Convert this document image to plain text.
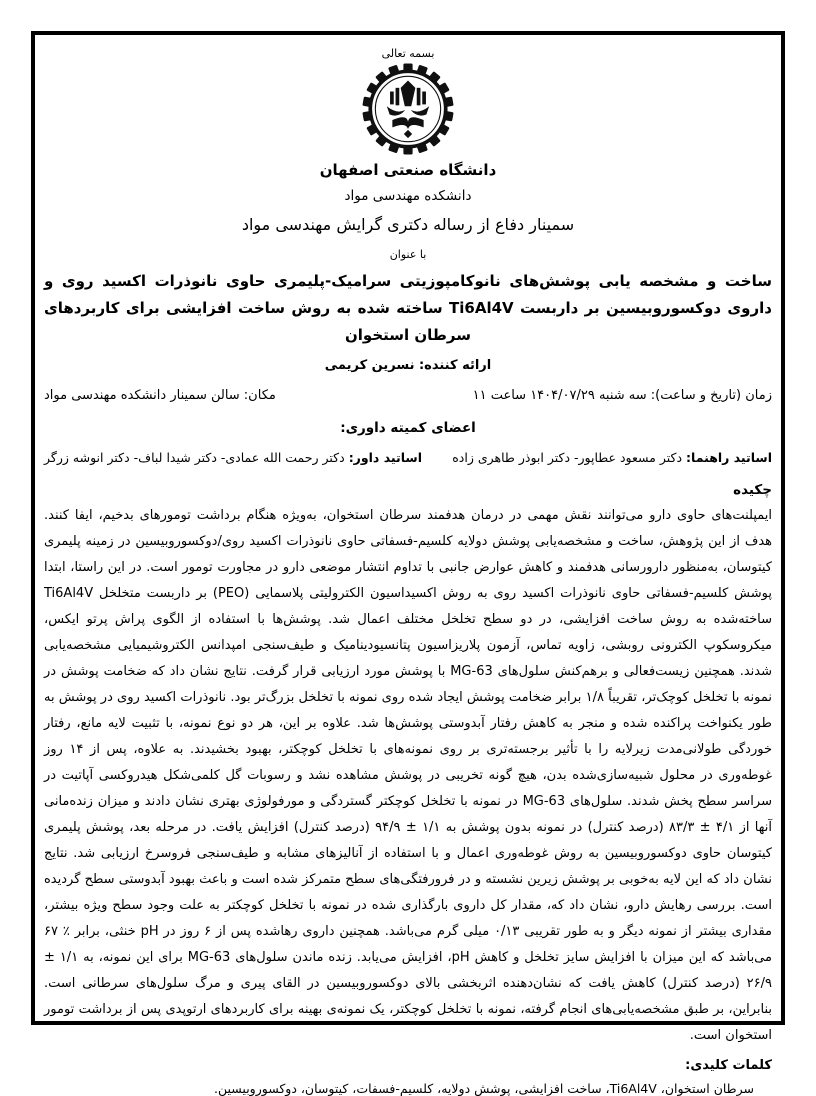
بسمه تعالی
دانشگاه صنعتی اصفهان
دانشکده مهندسی مواد
سمینار دفاع از رساله دکتری گرایش مهندسی مواد
با عنوان
ساخت و مشخصه یابی پوشش‌های نانوکامپوزیتی سرامیک-پلیمری حاوی نانوذرات اکسید روی و داروی دوکسوروبیسین بر داربست Ti6Al4V ساخته شده به روش ساخت افزایشی برای کاربردهای سرطان استخوان
ارائه کننده: نسرین کریمی
زمان (تاریخ و ساعت): سه شنبه ۱۴۰۴/۰۷/۲۹ ساعت ۱۱
مکان: سالن سمینار دانشکده مهندسی مواد
اعضای کمیته داوری:
اساتید راهنما: دکتر مسعود عطاپور- دکتر ابوذر طاهری زاده
اساتید داور: دکتر رحمت الله عمادی- دکتر شیدا لباف- دکتر انوشه زرگر
چکیده
ایمپلنت‌های حاوی دارو می‌توانند نقش مهمی در درمان هدفمند سرطان استخوان، به‌ویژه هنگام برداشت تومورهای بدخیم، ایفا کنند. هدف از این پژوهش، ساخت و مشخصه‌یابی پوشش دولایه کلسیم-فسفاتی حاوی نانوذرات اکسید روی/دوکسوروبیسین در زمینه پلیمری کیتوسان، به‌منظور دارورسانی هدفمند و کاهش عوارض جانبی با تداوم انتشار موضعی دارو در مجاورت تومور است. در این راستا، ابتدا پوشش کلسیم-فسفاتی حاوی نانوذرات اکسید روی به روش اکسیداسیون الکترولیتی پلاسمایی (PEO) بر داربست متخلخل Ti6Al4V ساخته‌شده به روش ساخت افزایشی، در دو سطح تخلخل مختلف اعمال شد. پوشش‌ها با استفاده از الگوی پراش پرتو ایکس، میکروسکوپ الکترونی روبشی، زاویه تماس، آزمون پلاریزاسیون پتانسیودینامیک و طیف‌سنجی امپدانس الکتروشیمیایی مشخصه‌یابی شدند. همچنین زیست‌فعالی و برهم‌کنش سلول‌های MG-63 با پوشش مورد ارزیابی قرار گرفت. نتایج نشان داد که ضخامت پوشش در نمونه با تخلخل کوچک‌تر، تقریباً ۱/۸ برابر ضخامت پوشش ایجاد شده روی نمونه با تخلخل بزرگ‌تر بود. نانوذرات اکسید روی در پوشش به طور یکنواخت پراکنده شده و منجر به کاهش رفتار آبدوستی پوشش‌ها شد. علاوه بر این، هر دو نوع نمونه، با تثبیت لایه مانع، رفتار خوردگی طولانی‌مدت زیرلایه را با تأثیر برجسته‌تری بر روی نمونه‌های با تخلخل کوچکتر، بهبود بخشیدند. به علاوه، پس از ۱۴ روز غوطه‌وری در محلول شبیه‌سازی‌شده بدن، هیچ گونه تخریبی در پوشش مشاهده نشد و رسوبات گل کلمی‌شکل هیدروکسی آپاتیت در سراسر سطح پخش شدند. سلول‌های MG-63 در نمونه با تخلخل کوچکتر گستردگی و مورفولوژی بهتری نشان دادند و میزان زنده‌مانی آنها از ۴/۱ ± ۸۳/۳ (درصد کنترل) در نمونه بدون پوشش به ۱/۱ ± ۹۴/۹ (درصد کنترل) افزایش یافت. در مرحله بعد، پوشش پلیمری کیتوسان حاوی دوکسوروبیسین به روش غوطه‌وری اعمال و با استفاده از آنالیزهای مشابه و طیف‌سنجی فروسرخ ارزیابی شد. نتایج نشان داد که این لایه به‌خوبی بر پوشش زیرین نشسته و در فرورفتگی‌های سطح متمرکز شده است و باعث بهبود آبدوستی سطح گردیده است. بررسی رهایش دارو، نشان داد که، مقدار کل داروی بارگذاری شده در نمونه با تخلخل کوچکتر به علت وجود سطح ویژه بیشتر، مقداری بیشتر از نمونه دیگر و به طور تقریبی ۰/۱۳ میلی گرم می‌باشد. همچنین داروی رهاشده پس از ۶ روز در pH خنثی، برابر ٪ ۶۷ می‌باشد که این میزان با افزایش سایز تخلخل و کاهش pH، افزایش می‌یابد. زنده ماندن سلول‌های MG-63 برای این نمونه، به ۱/۱ ± ۲۶/۹ (درصد کنترل) کاهش یافت که نشان‌دهنده اثربخشی بالای دوکسوروبیسین در القای پیری و مرگ سلول‌های سرطانی است. بنابراین، بر طبق مشخصه‌یابی‌های انجام گرفته، نمونه با تخلخل کوچکتر، یک نمونه‌ی بهینه برای کاربردهای ارتوپدی پس از برداشت تومور استخوان است.
کلمات کلیدی:
سرطان استخوان، Ti6Al4V، ساخت افزایشی، پوشش دولایه، کلسیم-فسفات، کیتوسان، دوکسوروبیسین.
